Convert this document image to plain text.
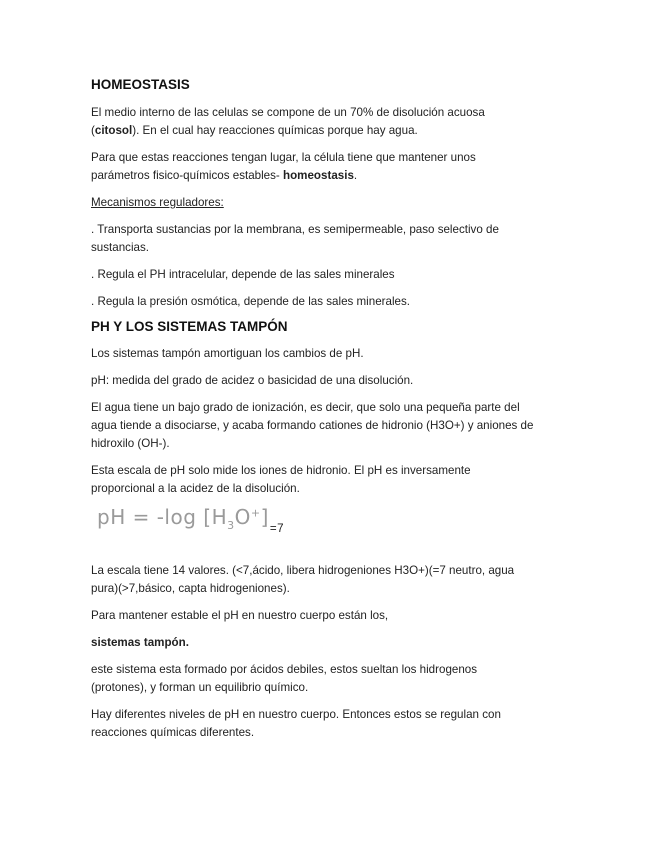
HOMEOSTASIS

El medio interno de las celulas se compone de un 70% de disolución acuosa
(citosol). En el cual hay reacciones químicas porque hay agua.

Para que estas reacciones tengan lugar, la célula tiene que mantener unos
parámetros fisico-químicos estables- homeostasis.

Mecanismos reguladores:

. Transporta sustancias por la membrana, es semipermeable, paso selectivo de
sustancias.

. Regula el PH intracelular, depende de las sales minerales

. Regula la presión osmótica, depende de las sales minerales.

PH Y LOS SISTEMAS TAMPÓN

Los sistemas tampón amortiguan los cambios de pH.

pH: medida del grado de acidez o basicidad de una disolución.

El agua tiene un bajo grado de ionización, es decir, que solo una pequeña parte del
agua tiende a disociarse, y acaba formando cationes de hidronio (H3O+) y aniones de
hidroxilo (OH-).

Esta escala de pH solo mide los iones de hidronio. El pH es inversamente
proporcional a la acidez de la disolución.

La escala tiene 14 valores. (<7,ácido, libera hidrogeniones H3O+)(=7 neutro, agua
pura)(>7,básico, capta hidrogeniones).

Para mantener estable el pH en nuestro cuerpo están los,

sistemas tampón.

este sistema esta formado por ácidos debiles, estos sueltan los hidrogenos
(protones), y forman un equilibrio químico.

Hay diferentes niveles de pH en nuestro cuerpo. Entonces estos se regulan con
reacciones químicas diferentes.

pH = -log $[H_3O^+]_{=7}$
